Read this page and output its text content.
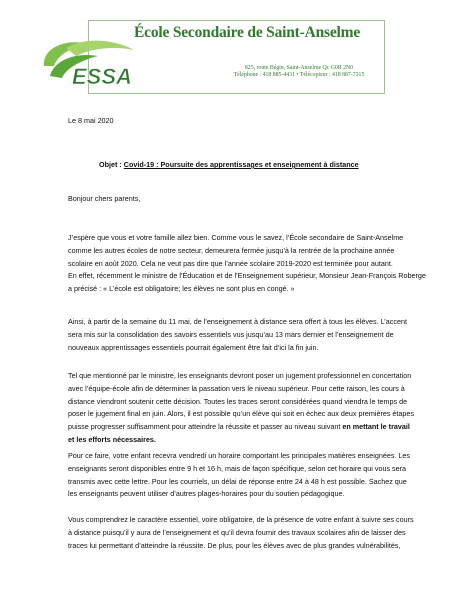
ESSA
École Secondaire de Saint-Anselme
825, route Bégin, Saint-Anselme Qc G0R 2N0
Téléphone : 418 885-4431 • Télécopieur : 418 887-7315
Le 8 mai 2020
Objet : Covid-19 : Poursuite des apprentissages et enseignement à distance
Bonjour chers parents,
J’espère que vous et votre famille allez bien. Comme vous le savez, l’École secondaire de Saint-Anselme
comme les autres écoles de notre secteur, demeurera fermée jusqu’à la rentrée de la prochaine année
scolaire en août 2020. Cela ne veut pas dire que l’année scolaire 2019-2020 est terminée pour autant.
En effet, récemment le ministre de l’Éducation et de l’Enseignement supérieur, Monsieur Jean-François Roberge
a précisé : « L’école est obligatoire; les élèves ne sont plus en congé. »
Ainsi, à partir de la semaine du 11 mai, de l’enseignement à distance sera offert à tous les élèves. L’accent
sera mis sur la consolidation des savoirs essentiels vus jusqu’au 13 mars dernier et l’enseignement de
nouveaux apprentissages essentiels pourrait également être fait d’ici la fin juin.
Tel que mentionné par le ministre, les enseignants devront poser un jugement professionnel en concertation
avec l’équipe-école afin de déterminer la passation vers le niveau supérieur. Pour cette raison, les cours à
distance viendront soutenir cette décision. Toutes les traces seront considérées quand viendra le temps de
poser le jugement final en juin. Alors, il est possible qu’un élève qui soit en échec aux deux premières étapes
puisse progresser suffisamment pour atteindre la réussite et passer au niveau suivant en mettant le travail
et les efforts nécessaires.
Pour ce faire, votre enfant recevra vendredi un horaire comportant les principales matières enseignées. Les
enseignants seront disponibles entre 9 h et 16 h, mais de façon spécifique, selon cet horaire qui vous sera
transmis avec cette lettre. Pour les courriels, un délai de réponse entre 24 à 48 h est possible. Sachez que
les enseignants peuvent utiliser d’autres plages-horaires pour du soutien pédagogique.
Vous comprendrez le caractère essentiel, voire obligatoire, de la présence de votre enfant à suivre ses cours
à distance puisqu’il y aura de l’enseignement et qu’il devra fournir des travaux scolaires afin de laisser des
traces lui permettant d’atteindre la réussite. De plus, pour les élèves avec de plus grandes vulnérabilités,
